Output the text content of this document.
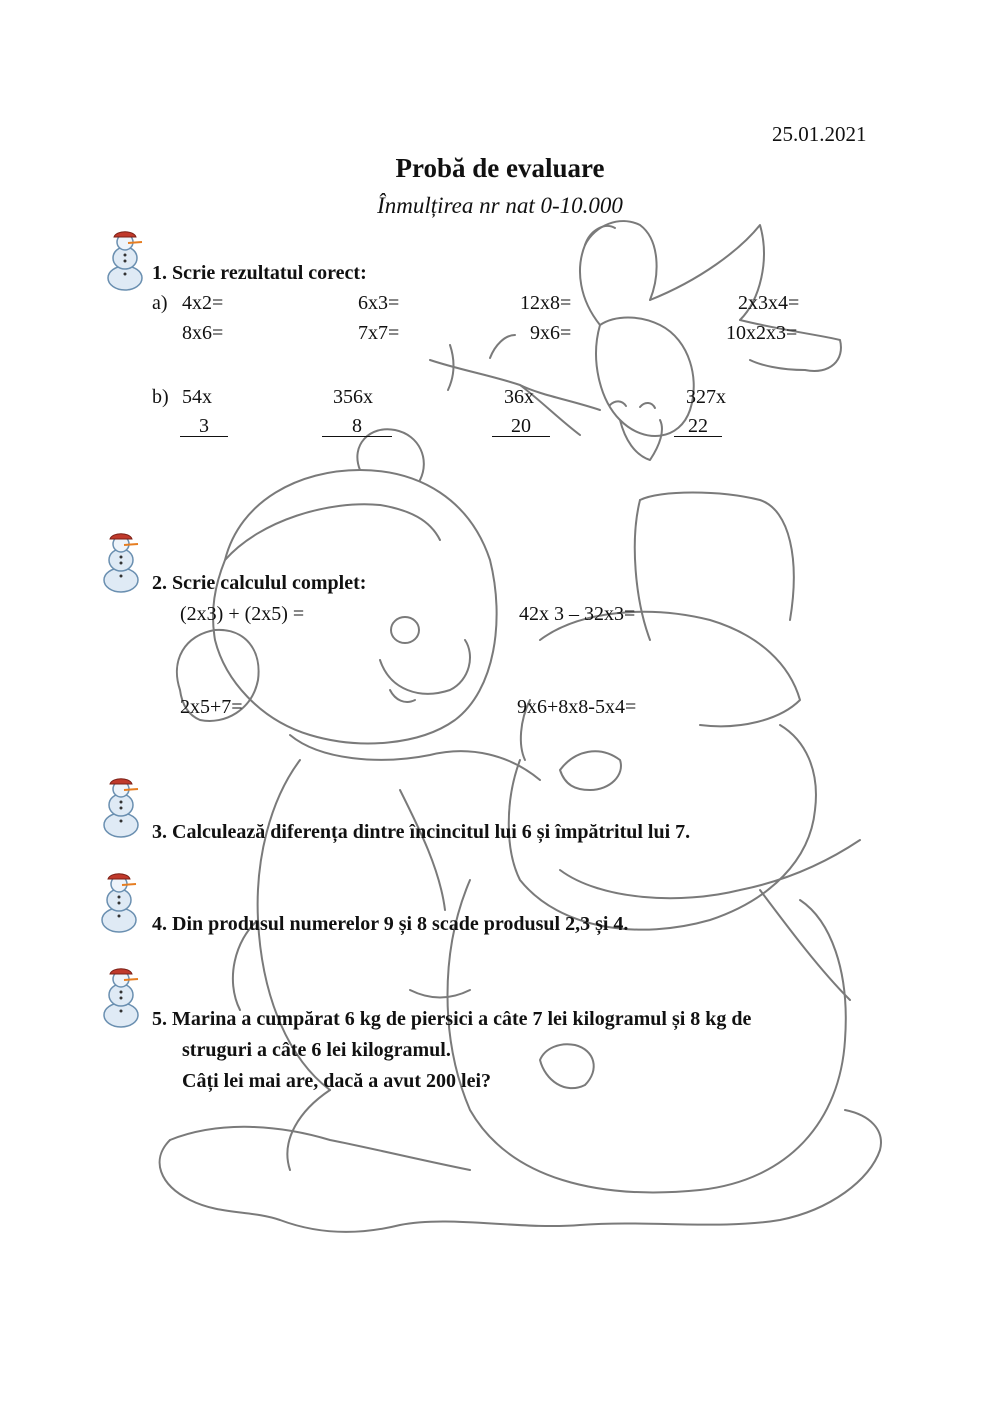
25.01.2021
Probă de evaluare
Înmulțirea nr nat 0-10.000
1. Scrie rezultatul corect:
a) 4x2=	6x3=	12x8=	2x3x4=
8x6=	7x7=	9x6=	10x2x3=
b) 54x	356x	36x	327x
3	8	20	22
2. Scrie calculul complet:
(2x3) + (2x5) =	42x 3 – 32x3=
2x5+7=	9x6+8x8-5x4=
3. Calculează diferența dintre încincitul lui 6 și împătritul lui 7.
4. Din produsul numerelor 9 și 8 scade produsul 2,3 și 4.
5. Marina a cumpărat 6 kg de piersici a câte 7 lei kilogramul și 8 kg de
struguri a câte 6 lei kilogramul.
Câți lei mai are, dacă a avut 200 lei?
